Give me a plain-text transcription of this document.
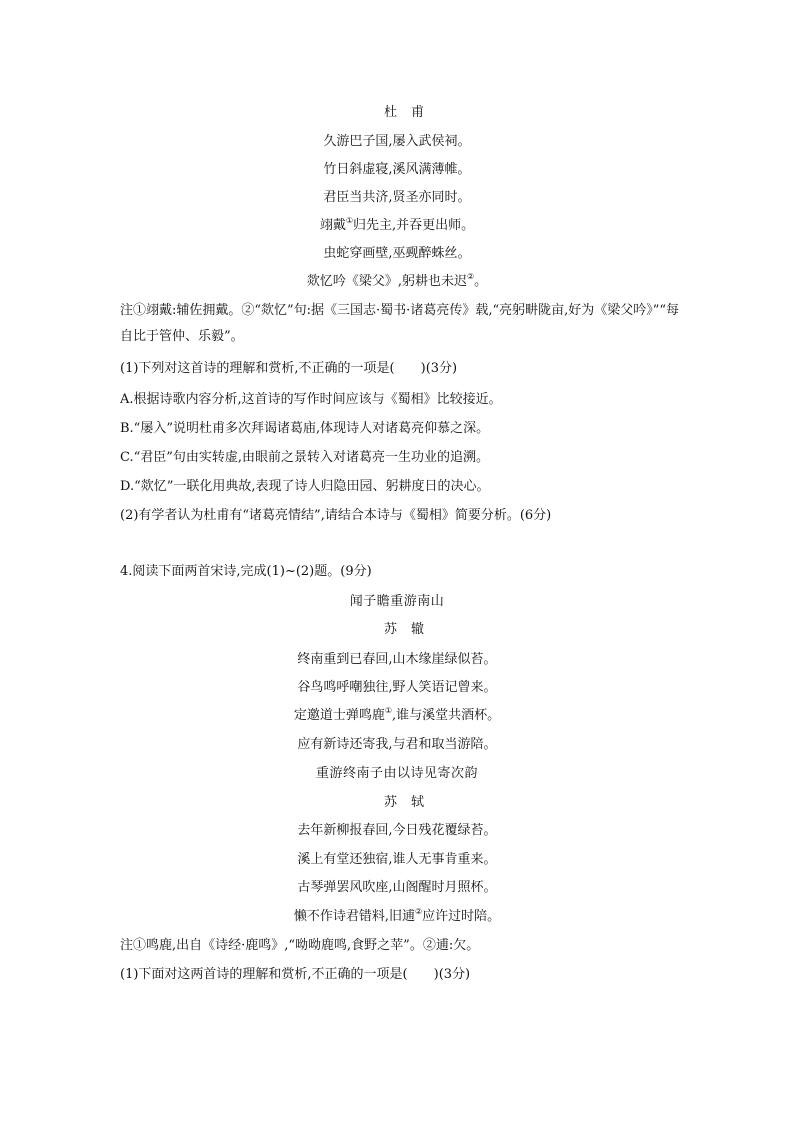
杜甫
久游巴子国,屡入武侯祠。
竹日斜虚寝,溪风满薄帷。
君臣当共济,贤圣亦同时。
翊戴①归先主,并吞更出师。
虫蛇穿画壁,巫觋醉蛛丝。
欻忆吟《梁父》,躬耕也未迟②。
注①翊戴:辅佐拥戴。②“欻忆”句:据《三国志·蜀书·诸葛亮传》载,“亮躬畊陇亩,好为《梁父吟》”“每自比于管仲、乐毅”。
(1)下列对这首诗的理解和赏析,不正确的一项是(　　)(3分)
A.根据诗歌内容分析,这首诗的写作时间应该与《蜀相》比较接近。
B.“屡入”说明杜甫多次拜谒诸葛庙,体现诗人对诸葛亮仰慕之深。
C.“君臣”句由实转虚,由眼前之景转入对诸葛亮一生功业的追溯。
D.“欻忆”一联化用典故,表现了诗人归隐田园、躬耕度日的决心。
(2)有学者认为杜甫有“诸葛亮情结”,请结合本诗与《蜀相》简要分析。(6分)
4.阅读下面两首宋诗,完成(1)~(2)题。(9分)
闻子瞻重游南山
苏辙
终南重到已春回,山木缘崖绿似苔。
谷鸟鸣呼嘲独往,野人笑语记曾来。
定邀道士弹鸣鹿①,谁与溪堂共酒杯。
应有新诗还寄我,与君和取当游陪。
重游终南子由以诗见寄次韵
苏轼
去年新柳报春回,今日残花覆绿苔。
溪上有堂还独宿,谁人无事肯重来。
古琴弹罢风吹座,山阁醒时月照杯。
懒不作诗君错料,旧逋②应许过时陪。
注①鸣鹿,出自《诗经·鹿鸣》,“呦呦鹿鸣,食野之苹”。②逋:欠。
(1)下面对这两首诗的理解和赏析,不正确的一项是(　　)(3分)
